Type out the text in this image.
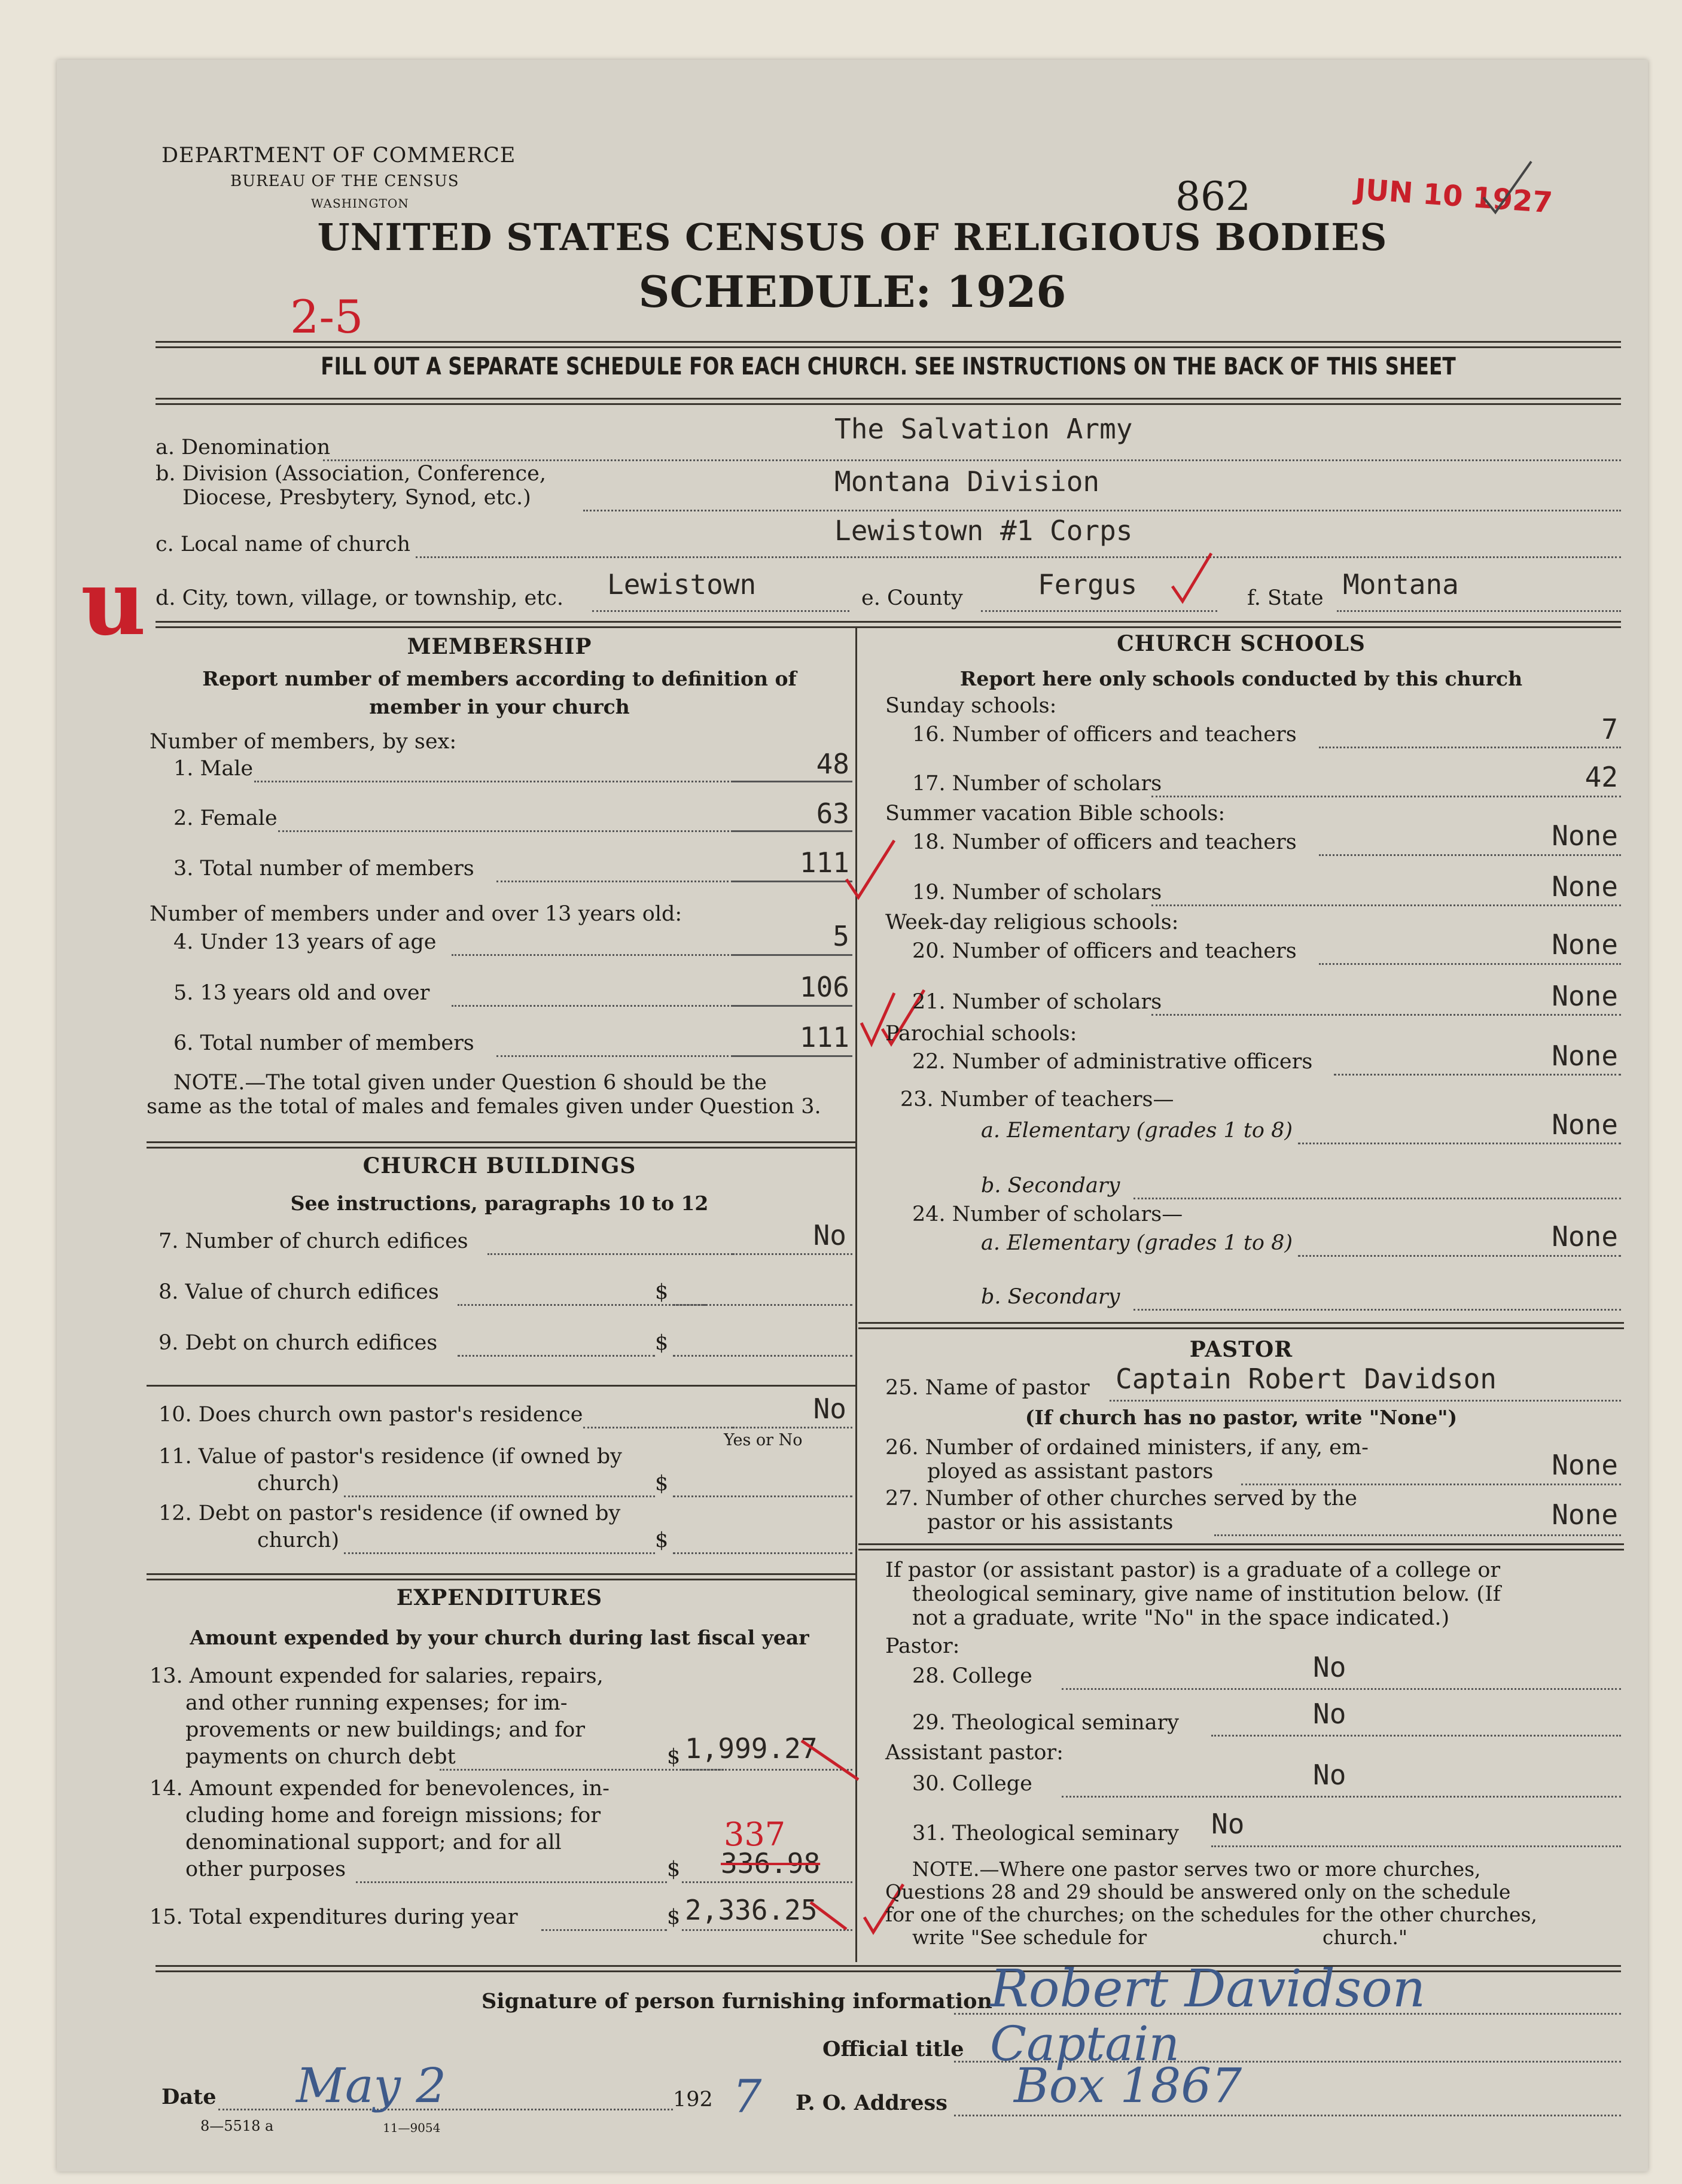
DEPARTMENT OF COMMERCE
BUREAU OF THE CENSUS
WASHINGTON	862	JUN 10 1927
UNITED STATES CENSUS OF RELIGIOUS BODIES
SCHEDULE: 1926
2-5
FILL OUT A SEPARATE SCHEDULE FOR EACH CHURCH. SEE INSTRUCTIONS ON THE BACK OF THIS SHEET
a. Denomination
The Salvation Army
b. Division (Association, Conference,
Diocese, Presbytery, Synod, etc.)	Montana Division
c. Local name of church	Lewistown #1 Corps
u d. City, town, village, or township, etc. Lewistown	e. County	Fergus	f. State Montana
MEMBERSHIP
Report number of members according to definition of
member in your church
Number of members, by sex:
1. Male	48
2. Female	63
3. Total number of members	111
Number of members under and over 13 years old:
4. Under 13 years of age	5
5. 13 years old and over	106
6. Total number of members	111
NOTE.—The total given under Question 6 should be the
same as the total of males and females given under Question 3.
CHURCH BUILDINGS
See instructions, paragraphs 10 to 12
7. Number of church edifices	No
8. Value of church edifices	$
9. Debt on church edifices	$
10. Does church own pastor's residence	No
Yes or No
11. Value of pastor's residence (if owned by
church)	$
12. Debt on pastor's residence (if owned by
church)	$
EXPENDITURES
Amount expended by your church during last fiscal year
13. Amount expended for salaries, repairs,
and other running expenses; for im-
provements or new buildings; and for
payments on church debt	$ 1,999.27
14. Amount expended for benevolences, in-
cluding home and foreign missions; for
denominational support; and for all
other purposes	$ 336.98
337
15. Total expenditures during year	$ 2,336.25
CHURCH SCHOOLS
Report here only schools conducted by this church
Sunday schools:
16. Number of officers and teachers	7
17. Number of scholars	42
Summer vacation Bible schools:
18. Number of officers and teachers	None
19. Number of scholars	None
Week-day religious schools:
20. Number of officers and teachers	None
21. Number of scholars	None
Parochial schools:
22. Number of administrative officers	None
23. Number of teachers—
a. Elementary (grades 1 to 8)	None
b. Secondary
24. Number of scholars—
a. Elementary (grades 1 to 8)	None
b. Secondary
PASTOR
25. Name of pastor Captain Robert Davidson
(If church has no pastor, write "None")
26. Number of ordained ministers, if any, em-
ployed as assistant pastors	None
27. Number of other churches served by the
pastor or his assistants	None
If pastor (or assistant pastor) is a graduate of a college or
theological seminary, give name of institution below. (If
not a graduate, write "No" in the space indicated.)
Pastor:
28. College	No
29. Theological seminary	No
Assistant pastor:
30. College	No
31. Theological seminary No
NOTE.—Where one pastor serves two or more churches,
Questions 28 and 29 should be answered only on the schedule
for one of the churches; on the schedules for the other churches,
write "See schedule for                            church."
Signature of person furnishing information
Robert Davidson
Official title Captain
Date May 2	192 7 P. O. Address Box 1867
8—5518 a	11—9054
